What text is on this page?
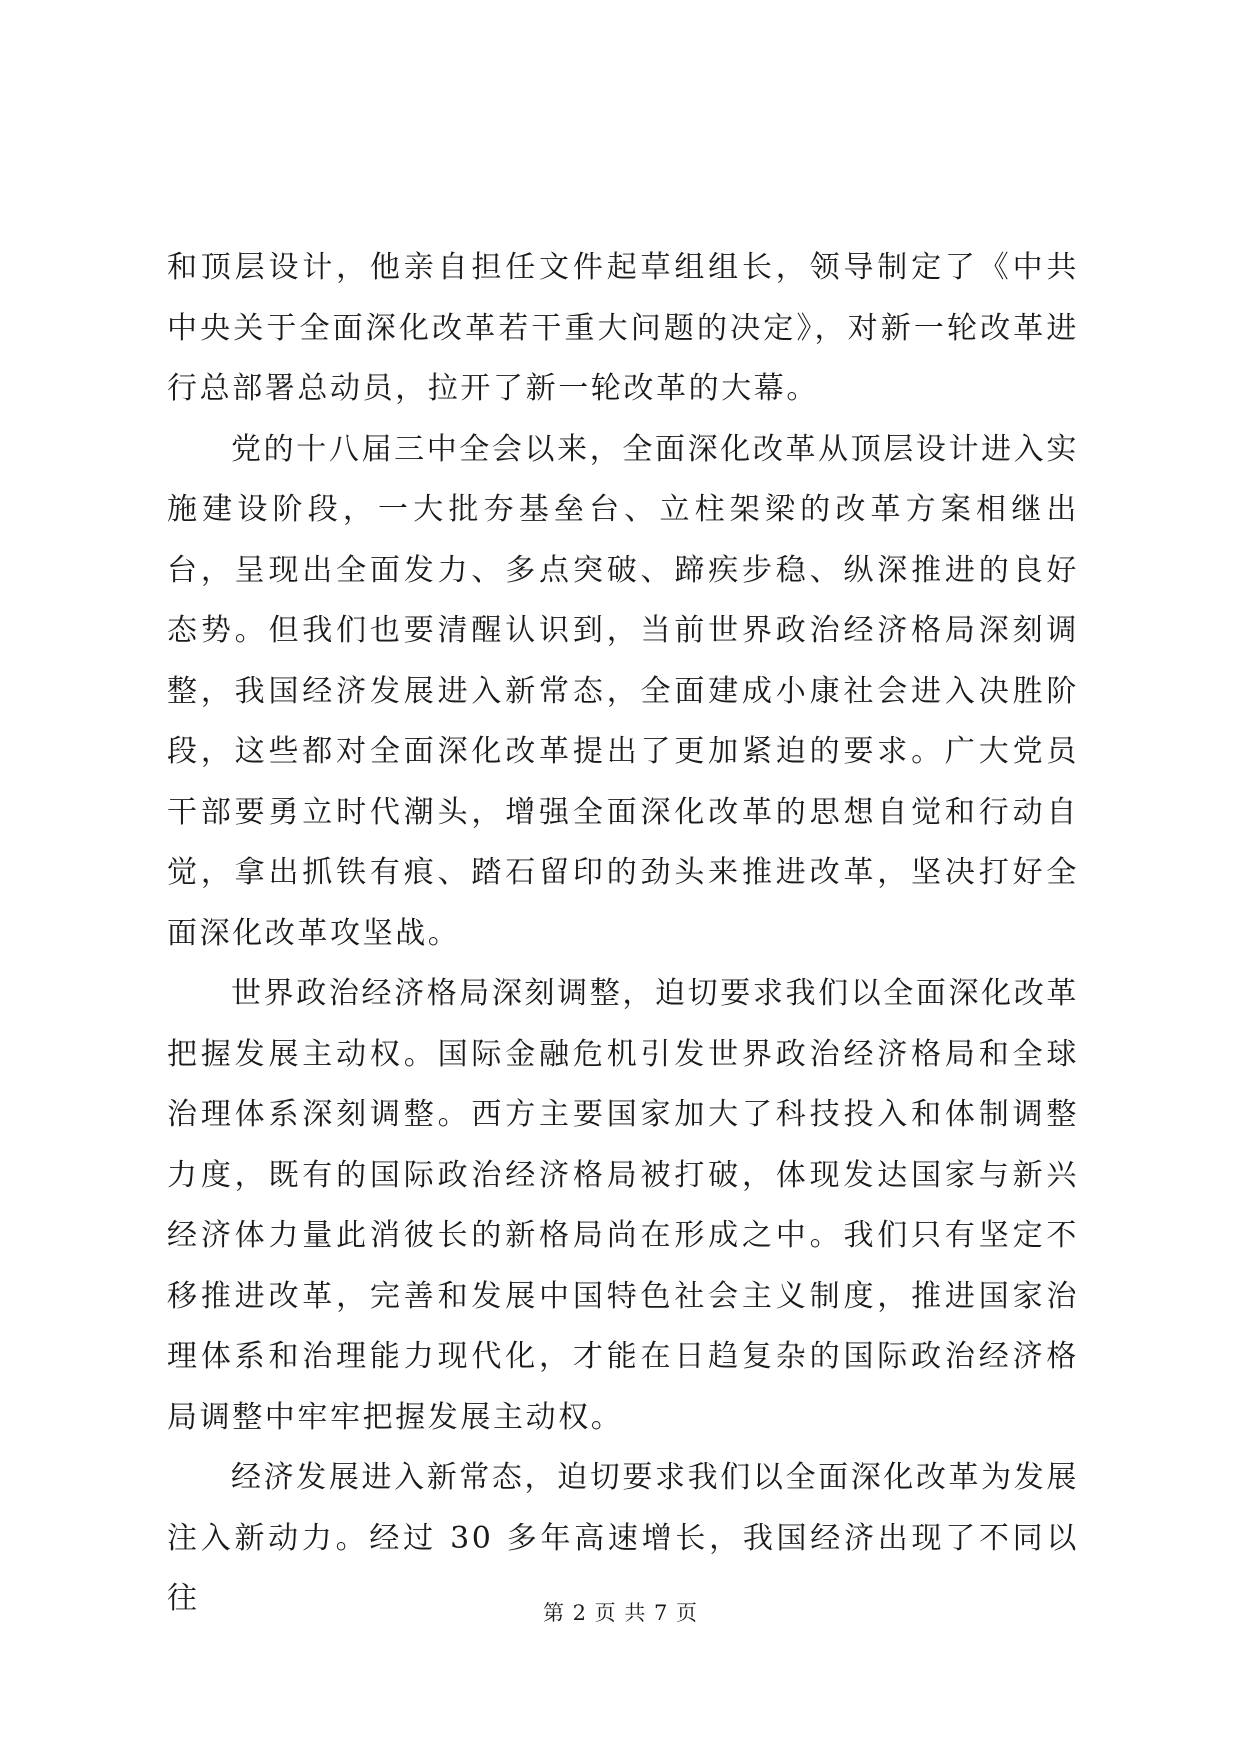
和顶层设计，他亲自担任文件起草组组长，领导制定了《中共中央关于全面深化改革若干重大问题的决定》，对新一轮改革进行总部署总动员，拉开了新一轮改革的大幕。

党的十八届三中全会以来，全面深化改革从顶层设计进入实施建设阶段，一大批夯基垒台、立柱架梁的改革方案相继出台，呈现出全面发力、多点突破、蹄疾步稳、纵深推进的良好态势。但我们也要清醒认识到，当前世界政治经济格局深刻调整，我国经济发展进入新常态，全面建成小康社会进入决胜阶段，这些都对全面深化改革提出了更加紧迫的要求。广大党员干部要勇立时代潮头，增强全面深化改革的思想自觉和行动自觉，拿出抓铁有痕、踏石留印的劲头来推进改革，坚决打好全面深化改革攻坚战。

世界政治经济格局深刻调整，迫切要求我们以全面深化改革把握发展主动权。国际金融危机引发世界政治经济格局和全球治理体系深刻调整。西方主要国家加大了科技投入和体制调整力度，既有的国际政治经济格局被打破，体现发达国家与新兴经济体力量此消彼长的新格局尚在形成之中。我们只有坚定不移推进改革，完善和发展中国特色社会主义制度，推进国家治理体系和治理能力现代化，才能在日趋复杂的国际政治经济格局调整中牢牢把握发展主动权。

经济发展进入新常态，迫切要求我们以全面深化改革为发展注入新动力。经过 30 多年高速增长，我国经济出现了不同以往	第 2 页 共 7 页
